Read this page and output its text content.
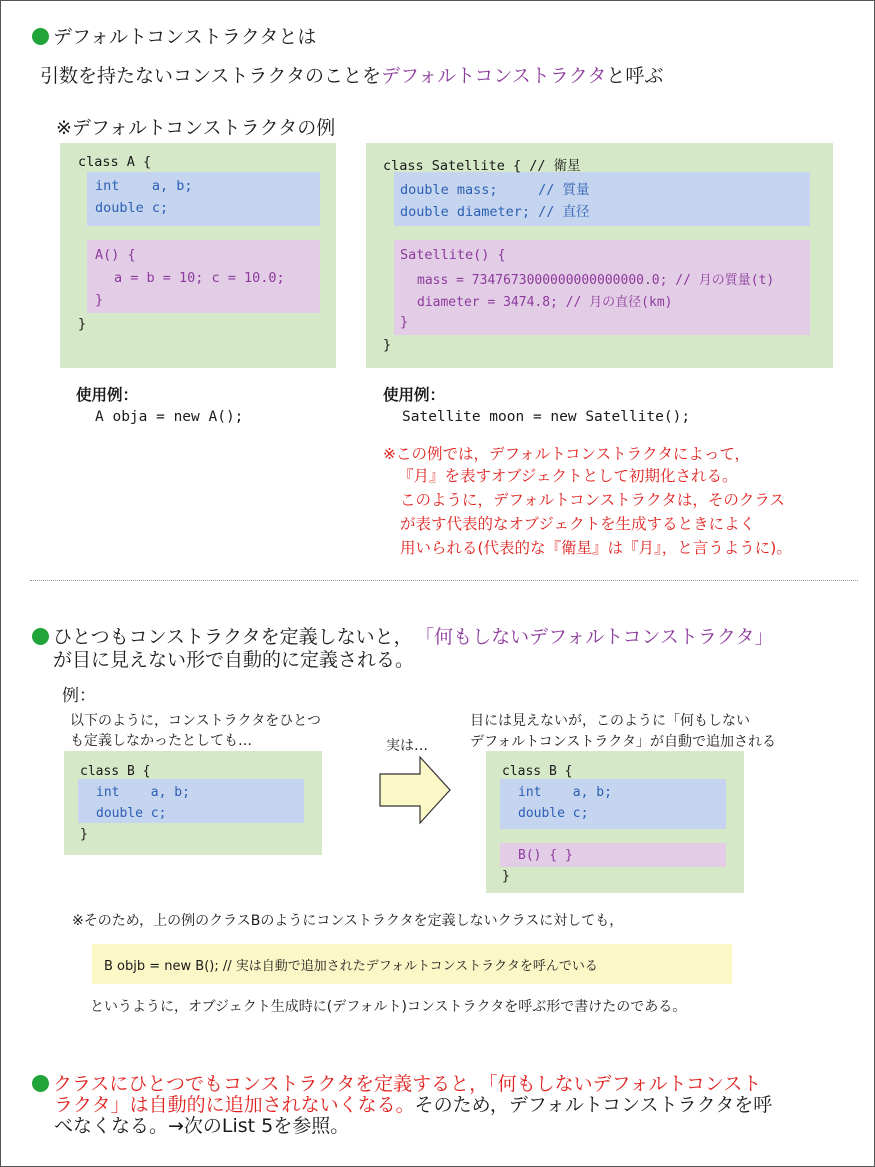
デフォルトコンストラクタとは
引数を持たないコンストラクタのことをデフォルトコンストラクタと呼ぶ
※デフォルトコンストラクタの例
class A {
int    a, b;
double c;
A() {
a = b = 10; c = 10.0;
}
}
class Satellite { // 衛星
double mass;     // 質量
double diameter; // 直径
Satellite() {
mass = 7347673000000000000000.0; // 月の質量(t)
diameter = 3474.8; // 月の直径(km)
}
}
使用例：
A obja = new A();
使用例：
Satellite moon = new Satellite();
※この例では，デフォルトコンストラクタによって，
『月』を表すオブジェクトとして初期化される。
このように，デフォルトコンストラクタは，そのクラス
が表す代表的なオブジェクトを生成するときによく
用いられる(代表的な『衛星』は『月』，と言うように)。
ひとつもコンストラクタを定義しないと， 「何もしないデフォルトコンストラクタ」
が目に見えない形で自動的に定義される。
例：
以下のように，コンストラクタをひとつ
も定義しなかったとしても…	実は…
目には見えないが，このように「何もしない
デフォルトコンストラクタ」が自動で追加される
class B {
int    a, b;
double c;
}
class B {
int    a, b;
double c;
B() { }
}
※そのため，上の例のクラスBのようにコンストラクタを定義しないクラスに対しても，
B objb = new B(); // 実は自動で追加されたデフォルトコンストラクタを呼んでいる
というように，オブジェクト生成時に(デフォルト)コンストラクタを呼ぶ形で書けたのである。
クラスにひとつでもコンストラクタを定義すると，「何もしないデフォルトコンスト
ラクタ」は自動的に追加されないくなる。そのため，デフォルトコンストラクタを呼
べなくなる。→次のList 5を参照。
